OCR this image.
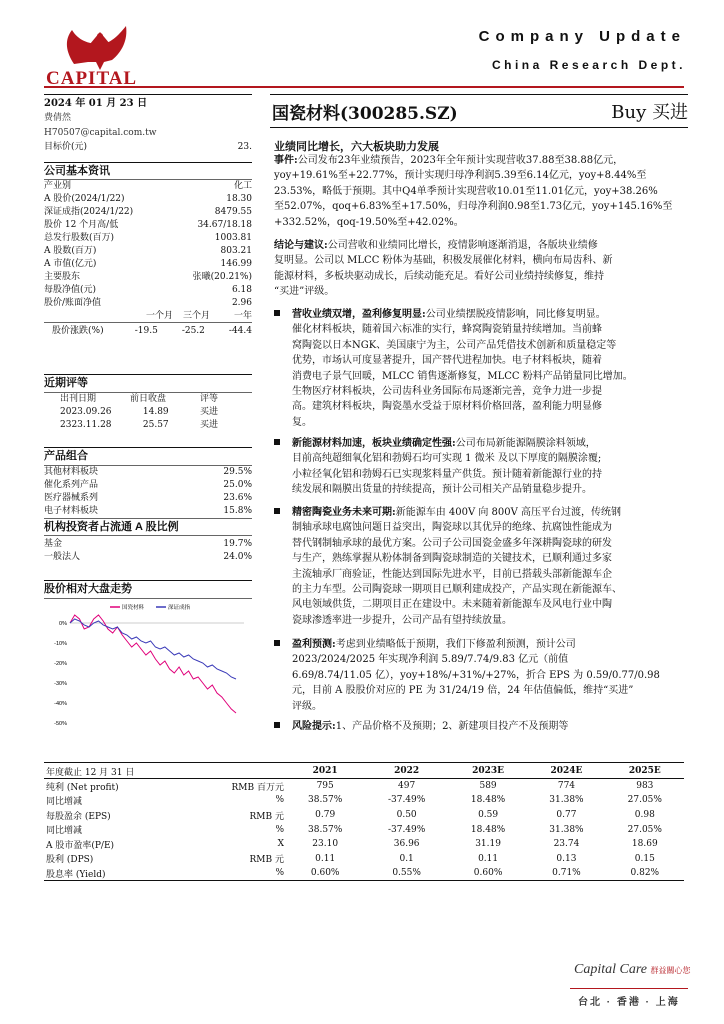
CAPITAL
Company Update
China Research Dept.
2024 年 01 月 23 日
费倩然
H70507@capital.com.tw
目标价(元)	23.
公司基本资讯
产业别	化工
A 股价(2024/1/22)	18.30
深证成指(2024/1/22)	8479.55
股价 12 个月高/低	34.67/18.18
总发行股数(百万)	1003.81
A 股数(百万)	803.21
A 市值(亿元)	146.99
主要股东	张曦(20.21%)
每股净值(元)	6.18
股价/账面净值	2.96
一个月 三个月	一年
股价涨跌(%)	-19.5	-25.2	-44.4
近期评等
出刊日期	前日收盘	评等
2023.09.26	14.89	买进
2323.11.28	25.57	买进
产品组合
其他材料板块	29.5%
催化系列产品	25.0%
医疗器械系列	23.6%
电子材料板块	15.8%
机构投资者占流通 A 股比例
基金	19.7%
一般法人	24.0%
股价相对大盘走势
0%
-10%
-20%
-30%
-40%
-50%
国瓷材料	深证成指
国瓷材料(300285.SZ)	Buy 买进
业绩同比增长，六大板块助力发展
事件:公司发布23年业绩预告，2023年全年预计实现营收37.88至38.88亿元，
yoy+19.61%至+22.77%，预计实现归母净利润5.39至6.14亿元，yoy+8.44%至
23.53%，略低于预期。其中Q4单季预计实现营收10.01至11.01亿元，yoy+38.26%
至52.07%，qoq+6.83%至+17.50%，归母净利润0.98至1.73亿元，yoy+145.16%至
+332.52%，qoq-19.50%至+42.02%。
结论与建议:公司营收和业绩同比增长，疫情影响逐渐消退，各版块业绩修
复明显。公司以 MLCC 粉体为基础，积极发展催化材料，横向布局齿科、新
能源材料，多板块驱动成长，后续动能充足。看好公司业绩持续修复，维持
“买进”评级。
营收业绩双增，盈利修复明显:公司业绩摆脱疫情影响，同比修复明显。
催化材料板块，随着国六标准的实行，蜂窝陶瓷销量持续增加。当前蜂
窝陶瓷以日本NGK、美国康宁为主，公司产品凭借技术创新和质量稳定等
优势，市场认可度显著提升，国产替代进程加快。电子材料板块，随着
消费电子景气回暖，MLCC 销售逐渐修复，MLCC 粉料产品销量同比增加。
生物医疗材料板块，公司齿科业务国际布局逐渐完善，竞争力进一步提
高。建筑材料板块，陶瓷墨水受益于原材料价格回落，盈利能力明显修
复。
新能源材料加速，板块业绩确定性强:公司布局新能源隔膜涂料领域，
目前高纯超细氧化铝和勃姆石均可实现 1 微米 及以下厚度的隔膜涂覆;
小粒径氧化铝和勃姆石已实现浆料量产供货。预计随着新能源行业的持
续发展和隔膜出货量的持续提高，预计公司相关产品销量稳步提升。
精密陶瓷业务未来可期:新能源车由 400V 向 800V 高压平台过渡，传统钢
制轴承球电腐蚀问题日益突出，陶瓷球以其优异的绝缘、抗腐蚀性能成为
替代钢制轴承球的最优方案。公司子公司国瓷金盛多年深耕陶瓷球的研发
与生产，熟练掌握从粉体制备到陶瓷球制造的关键技术，已顺利通过多家
主流轴承厂商验证，性能达到国际先进水平，目前已搭载头部新能源车企
的主力车型。公司陶瓷球一期项目已顺利建成投产，产品实现在新能源车、
风电领域供货，二期项目正在建设中。未来随着新能源车及风电行业中陶
瓷球渗透率进一步提升，公司产品有望持续放量。
盈利预测:考虑到业绩略低于预期，我们下修盈利预测，预计公司
2023/2024/2025 年实现净利润 5.89/7.74/9.83 亿元（前值
6.69/8.74/11.05 亿），yoy+18%/+31%/+27%，折合 EPS 为 0.59/0.77/0.98
元，目前 A 股股价对应的 PE 为 31/24/19 倍，24 年估值偏低，维持“买进”
评级。
风险提示:1、产品价格不及预期；2、新建项目投产不及预期等
年度截止 12 月 31 日		2021	2022	2023E	2024E	2025E
纯利 (Net profit)	RMB 百万元	795	497	589	774	983
同比增减	%	38.57%	-37.49%	18.48%	31.38%	27.05%
每股盈余 (EPS)	RMB 元	0.79	0.50	0.59	0.77	0.98
同比增减	%	38.57%	-37.49%	18.48%	31.38%	27.05%
A 股市盈率(P/E)	X	23.10	36.96	31.19	23.74	18.69
股利 (DPS)	RMB 元	0.11	0.1	0.11	0.13	0.15
股息率 (Yield)	%	0.60%	0.55%	0.60%	0.71%	0.82%
Capital Care 群益關心您
台北 · 香港 · 上海
